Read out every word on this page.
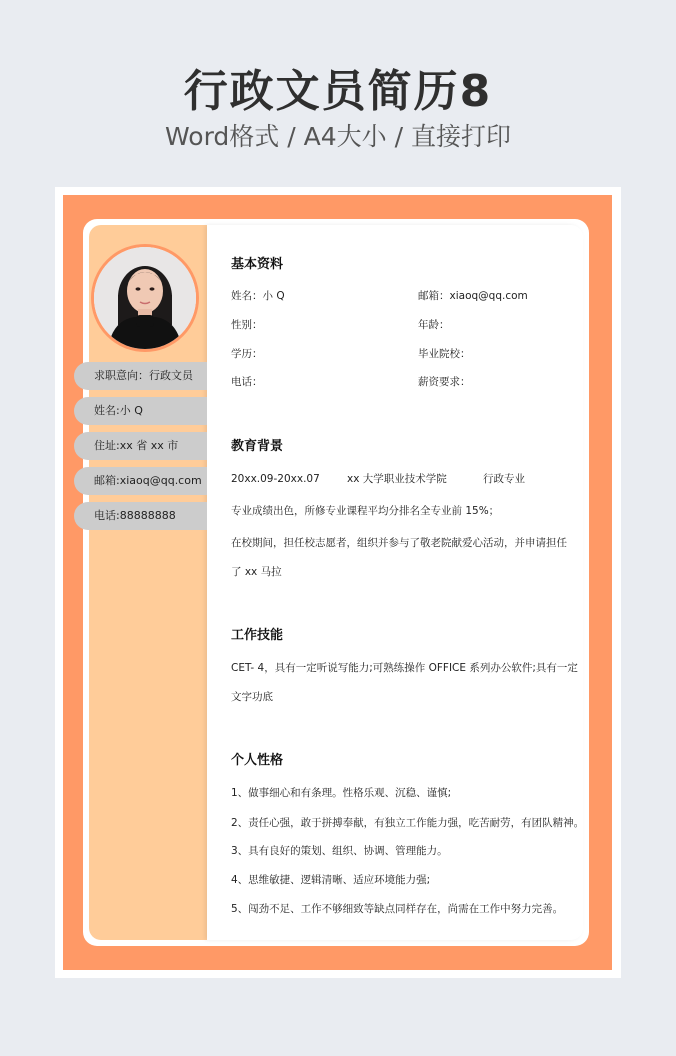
行政文员简历8
Word格式 / A4大小 / 直接打印
求职意向：行政文员
姓名:小 Q
住址:xx 省 xx 市
邮箱:xiaoq@qq.com
电话:88888888
基本资料
姓名：小 Q	邮箱：xiaoq@qq.com
性别：	年龄：
学历：	毕业院校：
电话：	薪资要求：
教育背景
20xx.09-20xx.07	xx 大学职业技术学院	行政专业
专业成绩出色，所修专业课程平均分排名全专业前 15%；
在校期间，担任校志愿者，组织并参与了敬老院献爱心活动，并申请担任
了 xx 马拉
工作技能
CET- 4，具有一定听说写能力;可熟练操作 OFFICE 系列办公软件;具有一定
文字功底
个人性格
1、做事细心和有条理。性格乐观、沉稳、谨慎;
2、责任心强，敢于拼搏奉献，有独立工作能力强，吃苦耐劳，有团队精神。
3、具有良好的策划、组织、协调、管理能力。
4、思维敏捷、逻辑清晰、适应环境能力强;
5、闯劲不足、工作不够细致等缺点同样存在，尚需在工作中努力完善。
